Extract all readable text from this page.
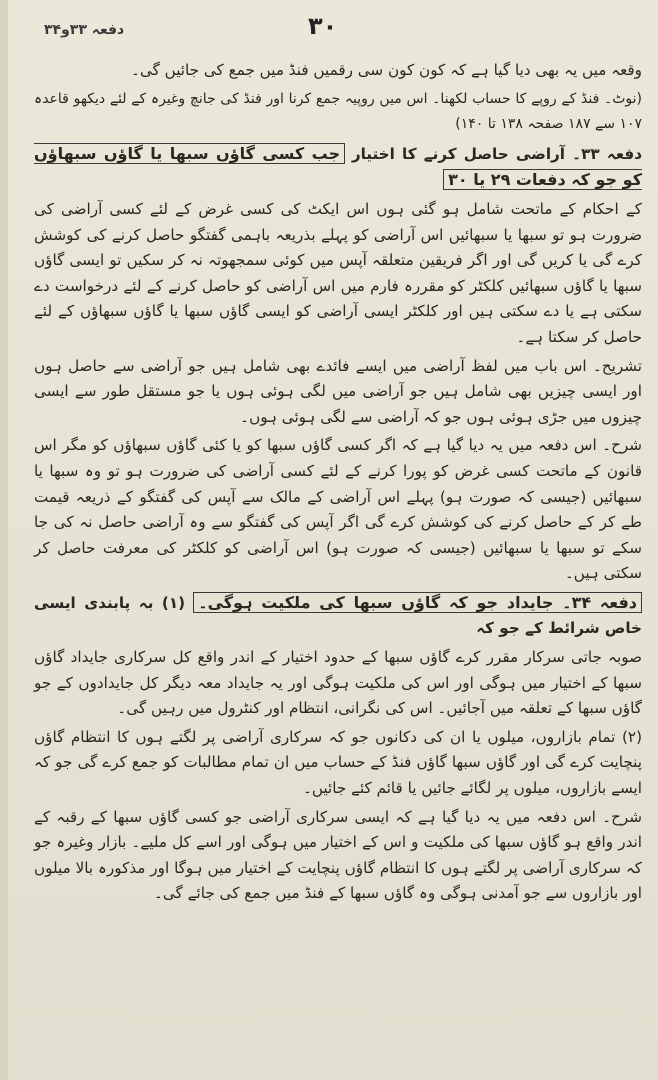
دفعہ ۳۳و۳۴	۳۰

وقعہ میں یہ بھی دیا گیا ہے کہ کون کون سی رقمیں فنڈ میں جمع کی جائیں گی۔

(نوٹ۔ فنڈ کے روپے کا حساب لکھنا۔ اس میں روپیہ جمع کرنا اور فنڈ کی جانچ وغیرہ کے لئے دیکھو قاعدہ ۱۰۷ سے ۱۸۷ صفحہ ۱۳۸ تا ۱۴۰)

دفعہ ۳۳۔ آراضی حاصل کرنے کا اختیار جب کسی گاؤں سبھا یا گاؤں سبھاؤں کو جو کہ دفعات ۲۹ یا ۳۰

کے احکام کے ماتحت شامل ہو گئی ہوں اس ایکٹ کی کسی غرض کے لئے کسی آراضی کی ضرورت ہو تو سبھا یا سبھائیں اس آراضی کو پہلے بذریعہ باہمی گفتگو حاصل کرنے کی کوشش کرے گی یا کریں گی اور اگر فریقین متعلقہ آپس میں کوئی سمجھوتہ نہ کر سکیں تو ایسی گاؤں سبھا یا گاؤں سبھائیں کلکٹر کو مقررہ فارم میں اس آراضی کو حاصل کرنے کے لئے درخواست دے سکتی ہے یا دے سکتی ہیں اور کلکٹر ایسی آراضی کو ایسی گاؤں سبھا یا گاؤں سبھاؤں کے لئے حاصل کر سکتا ہے۔

تشریح۔ اس باب میں لفظ آراضی میں ایسے فائدے بھی شامل ہیں جو آراضی سے حاصل ہوں اور ایسی چیزیں بھی شامل ہیں جو آراضی میں لگی ہوئی ہوں یا جو مستقل طور سے ایسی چیزوں میں جڑی ہوئی ہوں جو کہ آراضی سے لگی ہوئی ہوں۔

شرح۔ اس دفعہ میں یہ دیا گیا ہے کہ اگر کسی گاؤں سبھا کو یا کئی گاؤں سبھاؤں کو مگر اس قانون کے ماتحت کسی غرض کو پورا کرنے کے لئے کسی آراضی کی ضرورت ہو تو وہ سبھا یا سبھائیں (جیسی کہ صورت ہو) پہلے اس آراضی کے مالک سے آپس کی گفتگو کے ذریعہ قیمت طے کر کے حاصل کرنے کی کوشش کرے گی اگر آپس کی گفتگو سے وہ آراضی حاصل نہ کی جا سکے تو سبھا یا سبھائیں (جیسی کہ صورت ہو) اس آراضی کو کلکٹر کی معرفت حاصل کر سکتی ہیں۔

دفعہ ۳۴۔ جایداد جو کہ گاؤں سبھا کی ملکیت ہوگی۔ (۱) بہ پابندی ایسی خاص شرائط کے جو کہ

صوبہ جاتی سرکار مقرر کرے گاؤں سبھا کے حدود اختیار کے اندر واقع کل سرکاری جایداد گاؤں سبھا کے اختیار میں ہوگی اور اس کی ملکیت ہوگی اور یہ جایداد معہ دیگر کل جایدادوں کے جو گاؤں سبھا کے تعلقہ میں آجائیں۔ اس کی نگرانی، انتظام اور کنٹرول میں رہیں گی۔

(۲) تمام بازاروں، میلوں یا ان کی دکانوں جو کہ سرکاری آراضی پر لگتے ہوں کا انتظام گاؤں پنچایت کرے گی اور گاؤں سبھا گاؤں فنڈ کے حساب میں ان تمام مطالبات کو جمع کرے گی جو کہ ایسے بازاروں، میلوں پر لگائے جائیں یا قائم کئے جائیں۔

شرح۔ اس دفعہ میں یہ دیا گیا ہے کہ ایسی سرکاری آراضی جو کسی گاؤں سبھا کے رقبہ کے اندر واقع ہو گاؤں سبھا کی ملکیت و اس کے اختیار میں ہوگی اور اسے کل ملیے۔ بازار وغیرہ جو کہ سرکاری آراضی پر لگتے ہوں کا انتظام گاؤں پنچایت کے اختیار میں ہوگا اور مذکورہ بالا میلوں اور بازاروں سے جو آمدنی ہوگی وہ گاؤں سبھا کے فنڈ میں جمع کی جائے گی۔
